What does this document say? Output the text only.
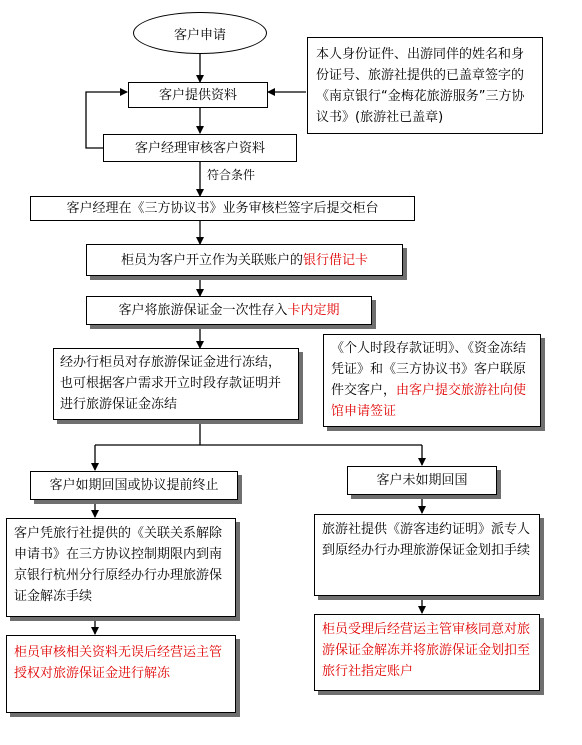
客户申请
本人身份证件、出游同伴的姓名和身份证号、旅游社提供的已盖章签字的《南京银行“金梅花旅游服务”三方协议书》(旅游社已盖章)
客户提供资料
客户经理审核客户资料
符合条件
客户经理在《三方协议书》业务审核栏签字后提交柜台
柜员为客户开立作为关联账户的银行借记卡
客户将旅游保证金一次性存入卡内定期
经办行柜员对存旅游保证金进行冻结，也可根据客户需求开立时段存款证明并进行旅游保证金冻结
《个人时段存款证明》、《资金冻结凭证》和《三方协议书》客户联原件交客户，由客户提交旅游社向使馆申请签证
客户如期回国或协议提前终止	客户未如期回国
客户凭旅行社提供的《关联关系解除申请书》在三方协议控制期限内到南京银行杭州分行原经办行办理旅游保证金解冻手续
旅游社提供《游客违约证明》派专人到原经办行办理旅游保证金划扣手续
柜员审核相关资料无误后经营运主管授权对旅游保证金进行解冻
柜员受理后经营运主管审核同意对旅游保证金解冻并将旅游保证金划扣至旅行社指定账户
